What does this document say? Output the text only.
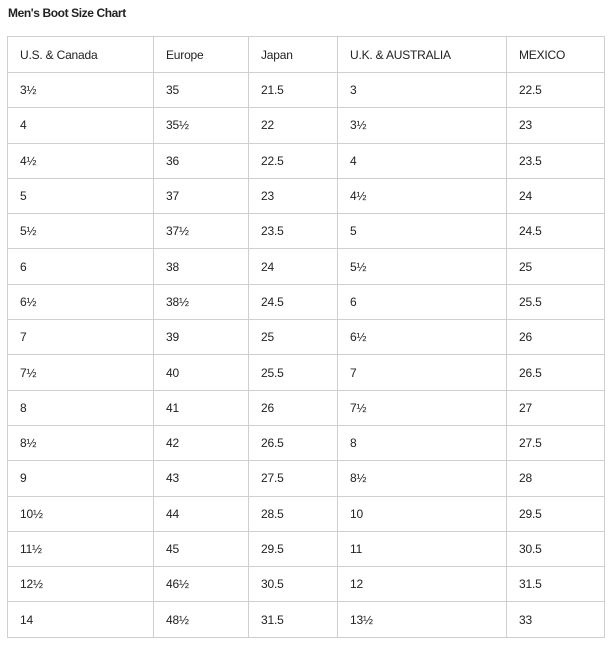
Men's Boot Size Chart
U.S. & Canada	Europe	Japan	U.K. & AUSTRALIA	MEXICO
3½	35	21.5	3	22.5
4	35½	22	3½	23
4½	36	22.5	4	23.5
5	37	23	4½	24
5½	37½	23.5	5	24.5
6	38	24	5½	25
6½	38½	24.5	6	25.5
7	39	25	6½	26
7½	40	25.5	7	26.5
8	41	26	7½	27
8½	42	26.5	8	27.5
9	43	27.5	8½	28
10½	44	28.5	10	29.5
11½	45	29.5	11	30.5
12½	46½	30.5	12	31.5
14	48½	31.5	13½	33
